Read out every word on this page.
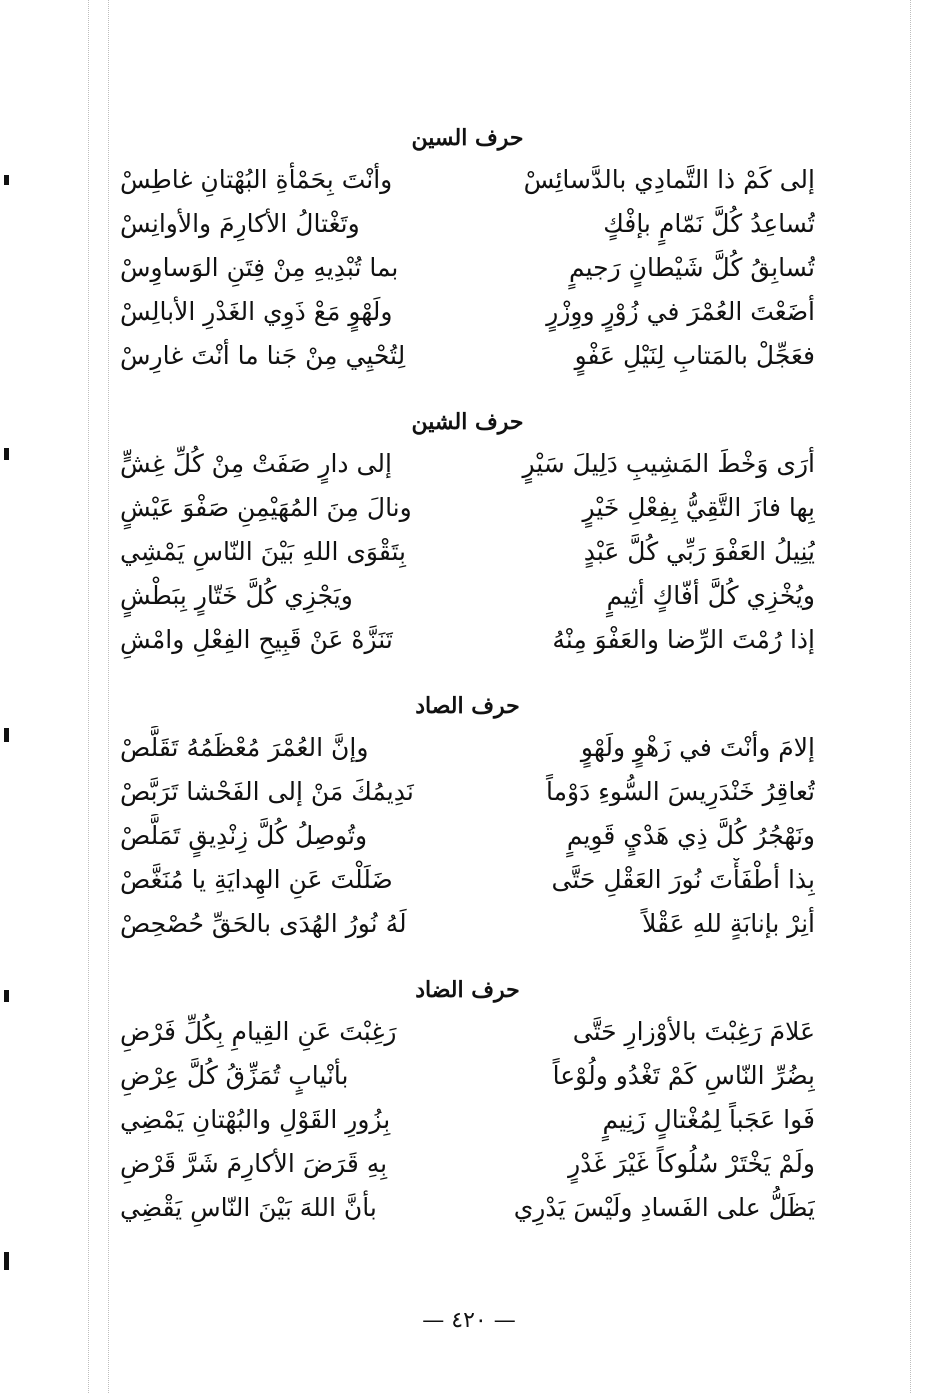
حرف السين
إلى كَمْ ذا التَّمادِي بالدَّسائِسْ
وأنْتَ بِحَمْأةِ البُهْتانِ غاطِسْ
تُساعِدُ كُلَّ نَمّامٍ بإفْكٍ
وتَغْتالُ الأكارِمَ والأوانِسْ
تُسابِقُ كُلَّ شَيْطانٍ رَجيمٍ
بما تُبْدِيهِ مِنْ فِتَنِ الوَساوِسْ
أضَعْتَ العُمْرَ في زُوْرٍ ووِزْرٍ
ولَهْوٍ مَعْ ذَوِي الغَدْرِ الأبالِسْ
فعَجِّلْ بالمَتابِ لِنَيْلِ عَفْوٍ
لِتُحْيِي مِنْ جَنا ما أنْتَ غارِسْ
حرف الشين
أرَى وَخْطَ المَشِيبِ دَلِيلَ سَيْرٍ
إلى دارٍ صَفَتْ مِنْ كُلِّ غِشٍّ
بِها فازَ التَّقِيُّ بِفِعْلِ خَيْرٍ
ونالَ مِنَ المُهَيْمِنِ صَفْوَ عَيْشٍ
يُنِيلُ العَفْوَ رَبِّي كُلَّ عَبْدٍ
بِتَقْوَى اللهِ بَيْنَ النّاسِ يَمْشِي
ويُخْزِي كُلَّ أفّاكٍ أثِيمٍ
ويَجْزِي كُلَّ خَتّارٍ بِبَطْشٍ
إذا رُمْتَ الرِّضا والعَفْوَ مِنْهُ
تَنَزَّهْ عَنْ قَبِيحِ الفِعْلِ وامْشِ
حرف الصاد
إلامَ وأنْتَ في زَهْوٍ ولَهْوٍ
وإنَّ العُمْرَ مُعْظَمُهُ تَقَلَّصْ
تُعاقِرُ خَنْدَرِيسَ السُّوءِ دَوْماً
نَدِيمُكَ مَنْ إلى الفَحْشا تَرَبَّصْ
ونَهْجُرُ كُلَّ ذِي هَدْيٍ قَوِيمٍ
وتُوصِلُ كُلَّ زِنْدِيقٍ تَمَلَّصْ
بِذا أطْفَأْتَ نُورَ العَقْلِ حَتَّى
ضَلَلْتَ عَنِ الهِدايَةِ يا مُنَغَّصْ
أنِرْ بإنابَةٍ للهِ عَقْلاً
لَهُ نُورُ الهُدَى بالحَقِّ حُصْحِصْ
حرف الضاد
عَلامَ رَغِبْتَ بالأوْزارِ حَتَّى
رَغِبْتَ عَنِ القِيامِ بِكُلِّ فَرْضِ
بِضُرِّ النّاسِ كَمْ تَغْدُو ولُوْعاً
بأنْيابٍ تُمَزِّقُ كُلَّ عِرْضِ
فَوا عَجَباً لِمُغْتالٍ زَنِيمٍ
بِزُورِ القَوْلِ والبُهْتانِ يَمْضِي
ولَمْ يَخْتَرْ سُلُوكاً غَيْرَ غَدْرٍ
بِهِ قَرَضَ الأكارِمَ شَرَّ قَرْضِ
يَظَلُّ على الفَسادِ ولَيْسَ يَدْرِي
بأنَّ اللهَ بَيْنَ النّاسِ يَقْضِي
— ٤٢٠ —
